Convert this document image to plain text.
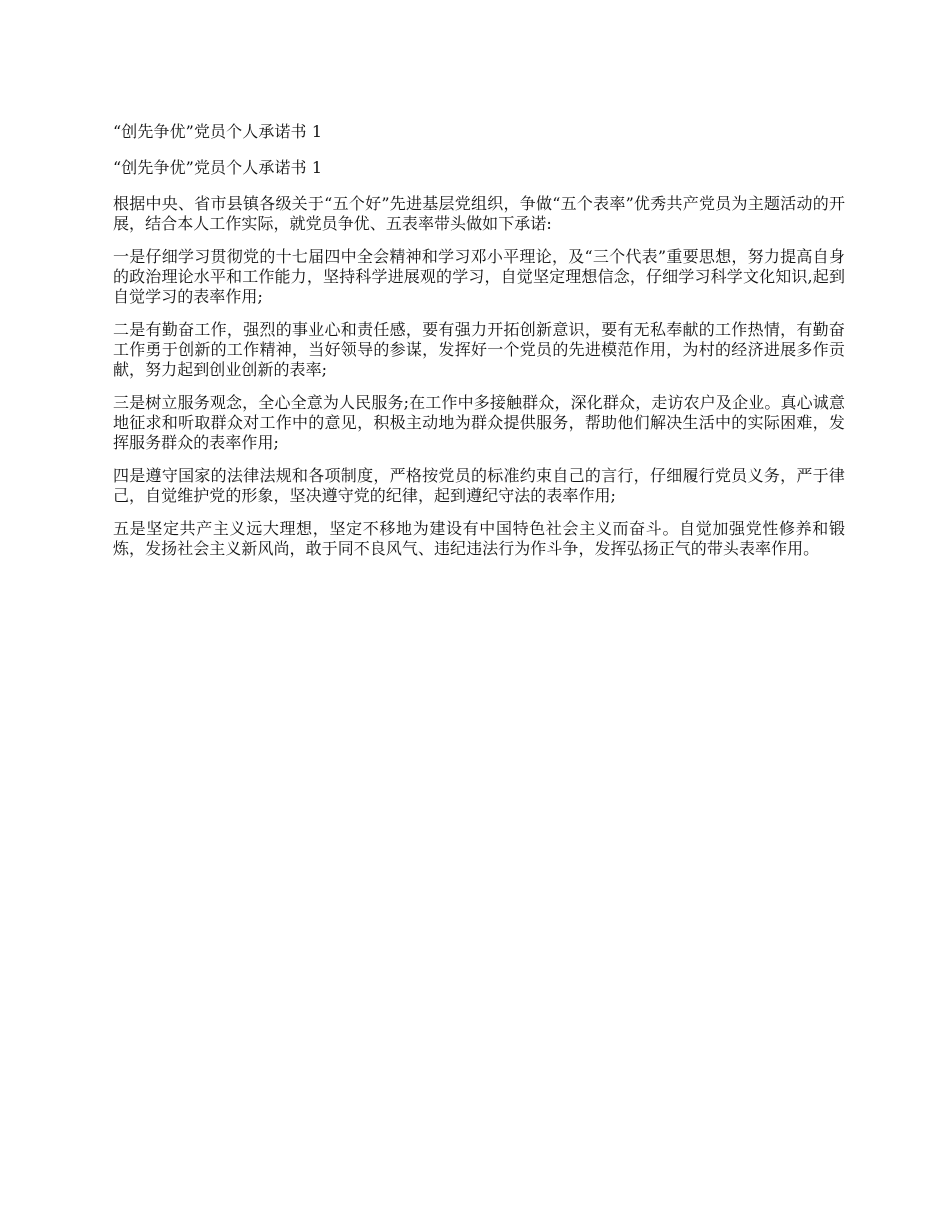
“创先争优”党员个人承诺书 1

“创先争优”党员个人承诺书 1

根据中央、省市县镇各级关于“五个好”先进基层党组织，争做“五个表率”优秀共产党员为主题活动的开展，结合本人工作实际，就党员争优、五表率带头做如下承诺:

一是仔细学习贯彻党的十七届四中全会精神和学习邓小平理论，及“三个代表”重要思想，努力提高自身的政治理论水平和工作能力，坚持科学进展观的学习，自觉坚定理想信念，仔细学习科学文化知识,起到自觉学习的表率作用;

二是有勤奋工作，强烈的事业心和责任感，要有强力开拓创新意识，要有无私奉献的工作热情，有勤奋工作勇于创新的工作精神，当好领导的参谋，发挥好一个党员的先进模范作用，为村的经济进展多作贡献，努力起到创业创新的表率;

三是树立服务观念，全心全意为人民服务;在工作中多接触群众，深化群众，走访农户及企业。真心诚意地征求和听取群众对工作中的意见，积极主动地为群众提供服务，帮助他们解决生活中的实际困难，发挥服务群众的表率作用;

四是遵守国家的法律法规和各项制度，严格按党员的标准约束自己的言行，仔细履行党员义务，严于律己，自觉维护党的形象，坚决遵守党的纪律，起到遵纪守法的表率作用;

五是坚定共产主义远大理想，坚定不移地为建设有中国特色社会主义而奋斗。自觉加强党性修养和锻炼，发扬社会主义新风尚，敢于同不良风气、违纪违法行为作斗争，发挥弘扬正气的带头表率作用。
